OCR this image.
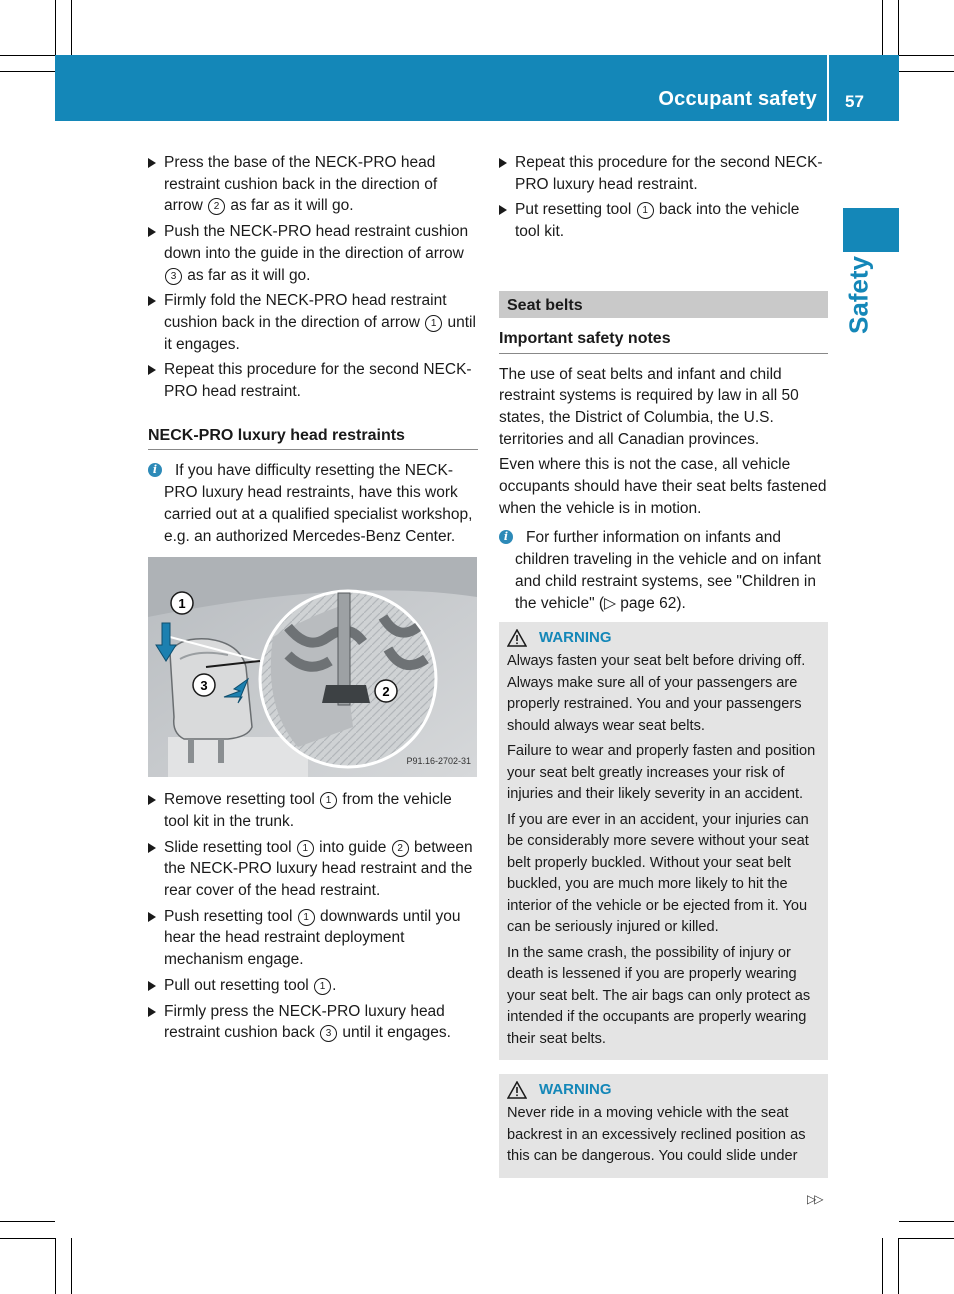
Occupant safety 57
Safety
Press the base of the NECK-PRO head restraint cushion back in the direction of arrow 2 as far as it will go.
Push the NECK-PRO head restraint cushion down into the guide in the direction of arrow 3 as far as it will go.
Firmly fold the NECK-PRO head restraint cushion back in the direction of arrow 1 until it engages.
Repeat this procedure for the second NECK-PRO head restraint.
NECK-PRO luxury head restraints
i	If you have difficulty resetting the NECK-PRO luxury head restraints, have this work carried out at a qualified specialist workshop, e.g. an authorized Mercedes-Benz Center.
1
3	2
P91.16-2702-31
Remove resetting tool 1 from the vehicle tool kit in the trunk.
Slide resetting tool 1 into guide 2 between the NECK-PRO luxury head restraint and the rear cover of the head restraint.
Push resetting tool 1 downwards until you hear the head restraint deployment mechanism engage.
Pull out resetting tool 1 .
Firmly press the NECK-PRO luxury head restraint cushion back 3 until it engages.
Repeat this procedure for the second NECK-PRO luxury head restraint.
Put resetting tool 1 back into the vehicle tool kit.
Seat belts
Important safety notes

The use of seat belts and infant and child restraint systems is required by law in all 50 states, the District of Columbia, the U.S. territories and all Canadian provinces.

Even where this is not the case, all vehicle occupants should have their seat belts fastened when the vehicle is in motion.

i	For further information on infants and children traveling in the vehicle and on infant and child restraint systems, see "Children in the vehicle" (▷ page 62).
WARNING

Always fasten your seat belt before driving off. Always make sure all of your passengers are properly restrained. You and your passengers should always wear seat belts.

Failure to wear and properly fasten and position your seat belt greatly increases your risk of injuries and their likely severity in an accident.

If you are ever in an accident, your injuries can be considerably more severe without your seat belt properly buckled. Without your seat belt buckled, you are much more likely to hit the interior of the vehicle or be ejected from it. You can be seriously injured or killed.

In the same crash, the possibility of injury or death is lessened if you are properly wearing your seat belt. The air bags can only protect as intended if the occupants are properly wearing their seat belts.

WARNING

Never ride in a moving vehicle with the seat backrest in an excessively reclined position as this can be dangerous. You could slide under

▷▷
